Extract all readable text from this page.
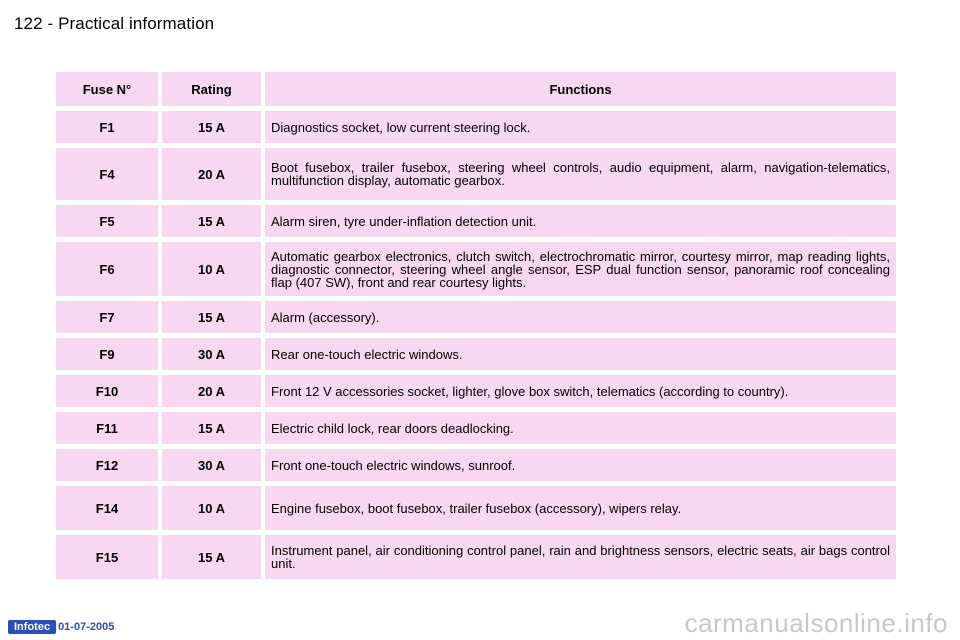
122 - Practical information
Fuse N°	Rating	Functions
F1	15 A	Diagnostics socket, low current steering lock.
F4	20 A	Boot fusebox, trailer fusebox, steering wheel controls, audio equipment, alarm, navigation-telematics, multifunction display, automatic gearbox.
F5	15 A	Alarm siren, tyre under-inflation detection unit.
F6	10 A	Automatic gearbox electronics, clutch switch, electrochromatic mirror, courtesy mirror, map reading lights, diagnostic connector, steering wheel angle sensor, ESP dual function sensor, panoramic roof concealing flap (407 SW), front and rear courtesy lights.
F7	15 A	Alarm (accessory).
F9	30 A	Rear one-touch electric windows.
F10	20 A	Front 12 V accessories socket, lighter, glove box switch, telematics (according to country).
F11	15 A	Electric child lock, rear doors deadlocking.
F12	30 A	Front one-touch electric windows, sunroof.
F14	10 A	Engine fusebox, boot fusebox, trailer fusebox (accessory), wipers relay.
F15	15 A	Instrument panel, air conditioning control panel, rain and brightness sensors, electric seats, air bags control unit.
Infotec 01-07-2005	carmanualsonline.info
